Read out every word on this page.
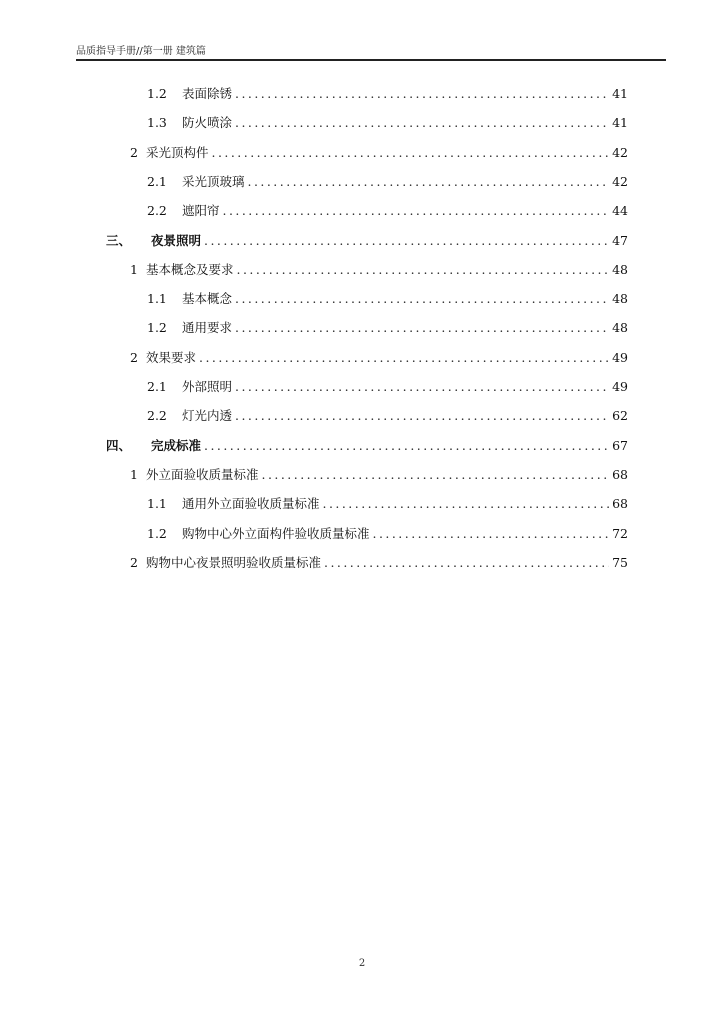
品质指导手册//第一册 建筑篇
1.2	表面除锈 . . .	41
1.3	防火喷涂 . . .	41
2 采光顶构件 . . .	42
2.1	采光顶玻璃 . . .	42
2.2	遮阳帘 . . .	44
三、	夜景照明 . . .	47
1 基本概念及要求 . . .	48
1.1	基本概念 . . .	48
1.2	通用要求 . . .	48
2 效果要求 . . .	49
2.1	外部照明 . . .	49
2.2	灯光内透 . . .	62
四、	完成标准 . . .	67
1 外立面验收质量标准 . . .	68
1.1	通用外立面验收质量标准 . . .	68
1.2	购物中心外立面构件验收质量标准 . . .	72
2 购物中心夜景照明验收质量标准 . . .	75
2
